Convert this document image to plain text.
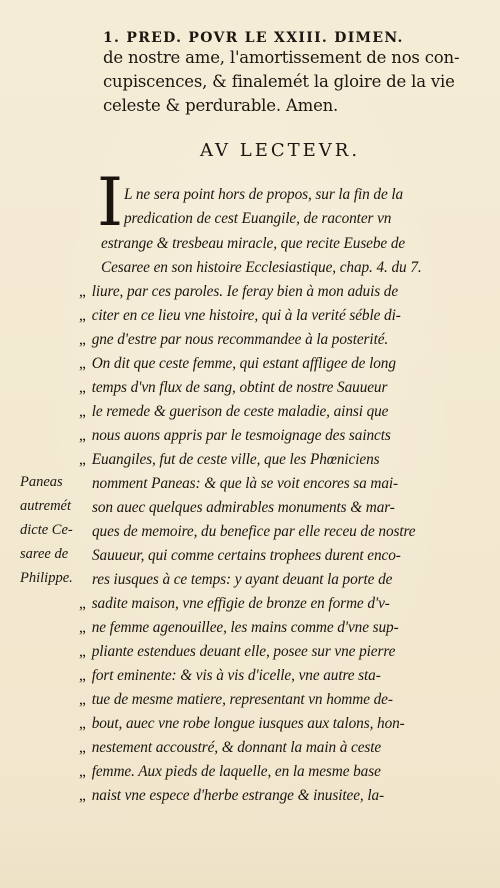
1. PRED. POVR LE XXIII. DIMEN.
de nostre ame, l'amortissement de nos con-
cupiscences, & finalemét la gloire de la vie
celeste & perdurable. Amen.
AV LECTEVR.
I L ne sera point hors de propos, sur la fin de la
predication de cest Euangile, de raconter vn
estrange & tresbeau miracle, que recite Eusebe de
Cesaree en son histoire Ecclesiastique, chap. 4. du 7.
„ liure, par ces paroles. Ie feray bien à mon aduis de
„ citer en ce lieu vne histoire, qui à la verité séble di-
„ gne d'estre par nous recommandee à la posterité.
„ On dit que ceste femme, qui estant affligee de long
„ temps d'vn flux de sang, obtint de nostre Sauueur
„ le remede & guerison de ceste maladie, ainsi que
„ nous auons appris par le tesmoignage des saincts
„ Euangiles, fut de ceste ville, que les Phœniciens
Paneas
autremét
dicte Ce-
saree de
Philippe.
nomment Paneas: & que là se voit encores sa mai-
son auec quelques admirables monuments & mar-
ques de memoire, du benefice par elle receu de nostre
Sauueur, qui comme certains trophees durent enco-
res iusques à ce temps: y ayant deuant la porte de
„ sadite maison, vne effigie de bronze en forme d'v-
„ ne femme agenouillee, les mains comme d'vne sup-
„ pliante estendues deuant elle, posee sur vne pierre
„ fort eminente: & vis à vis d'icelle, vne autre sta-
„ tue de mesme matiere, representant vn homme de-
„ bout, auec vne robe longue iusques aux talons, hon-
„ nestement accoustré, & donnant la main à ceste
„ femme. Aux pieds de laquelle, en la mesme base
„ naist vne espece d'herbe estrange & inusitee, la-
